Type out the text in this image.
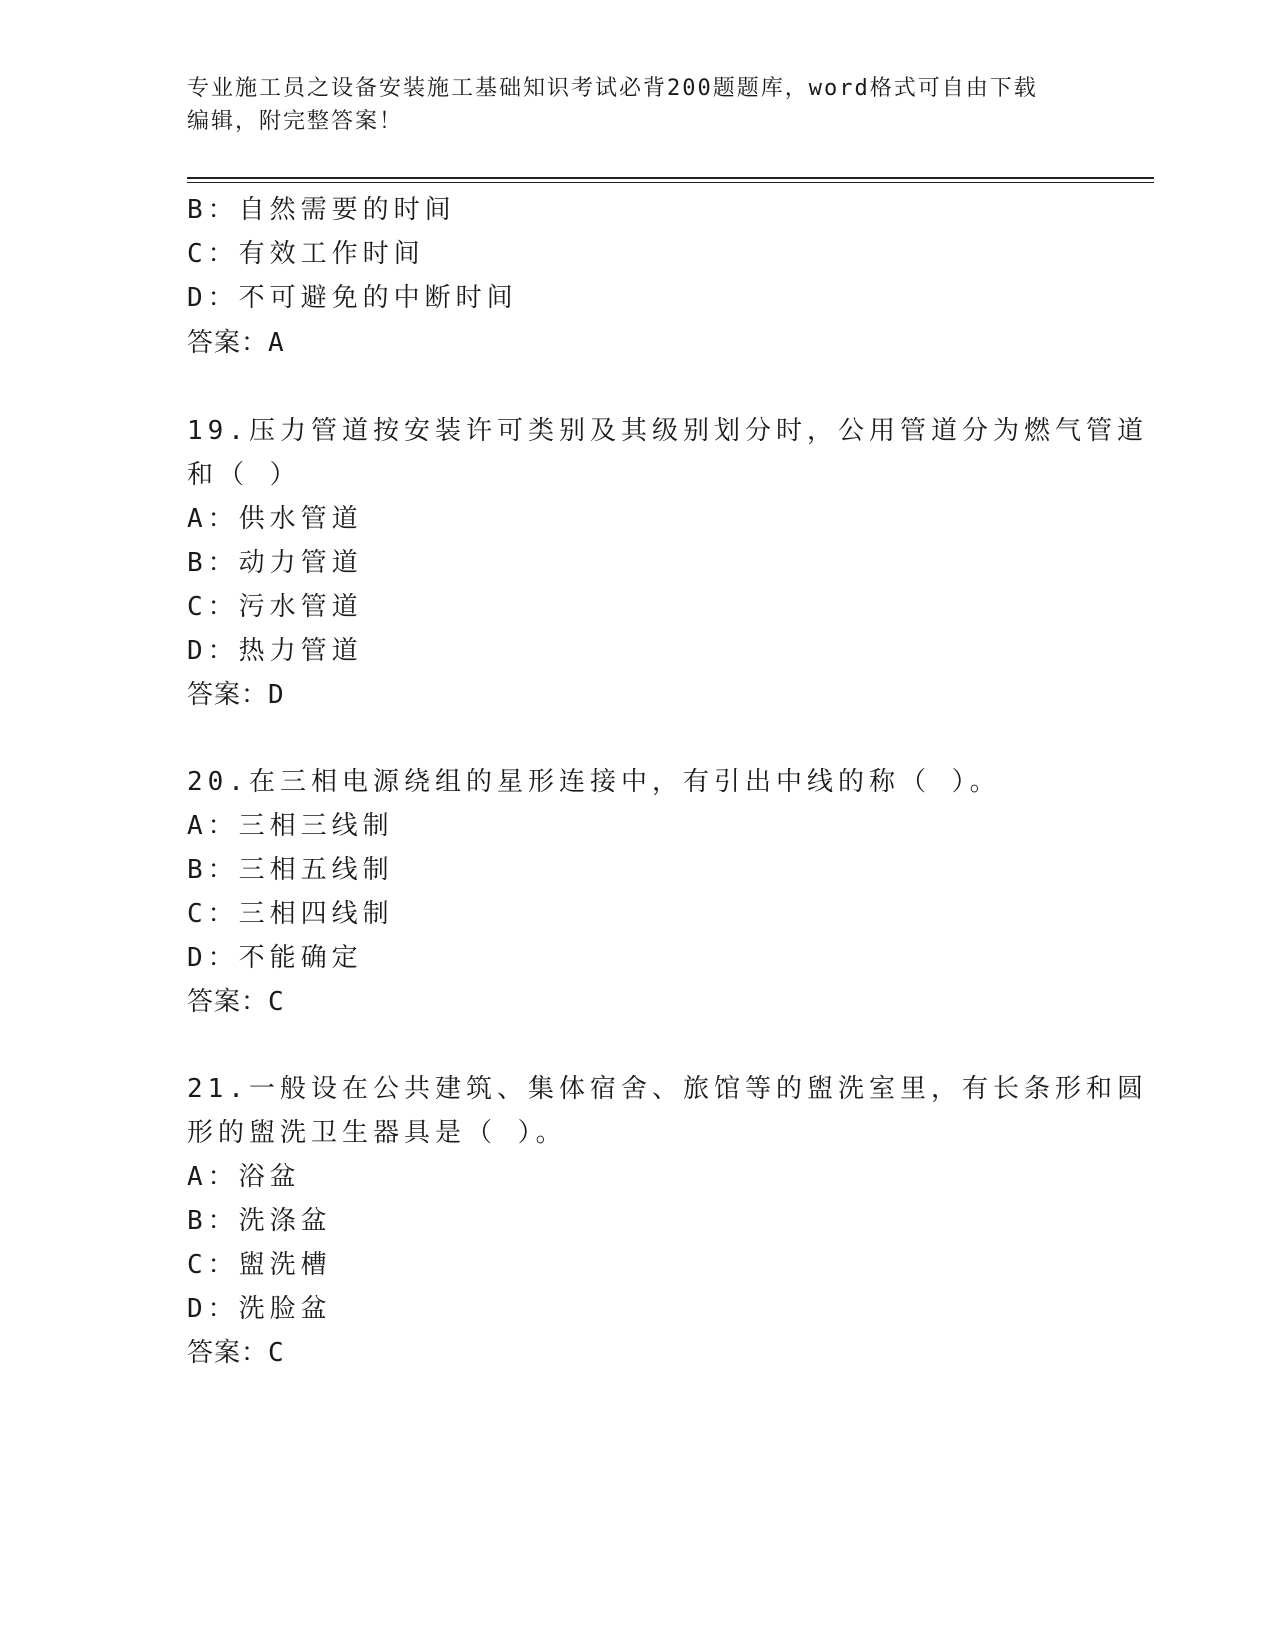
专业施工员之设备安装施工基础知识考试必背200题题库，word格式可自由下载
编辑，附完整答案！
B：自然需要的时间
C：有效工作时间
D：不可避免的中断时间
答案：A
19.压力管道按安装许可类别及其级别划分时，公用管道分为燃气管道
和（ ）
A：供水管道
B：动力管道
C：污水管道
D：热力管道
答案：D
20.在三相电源绕组的星形连接中，有引出中线的称（ ）。
A：三相三线制
B：三相五线制
C：三相四线制
D：不能确定
答案：C
21.一般设在公共建筑、集体宿舍、旅馆等的盥洗室里，有长条形和圆
形的盥洗卫生器具是（ ）。
A：浴盆
B：洗涤盆
C：盥洗槽
D：洗脸盆
答案：C
